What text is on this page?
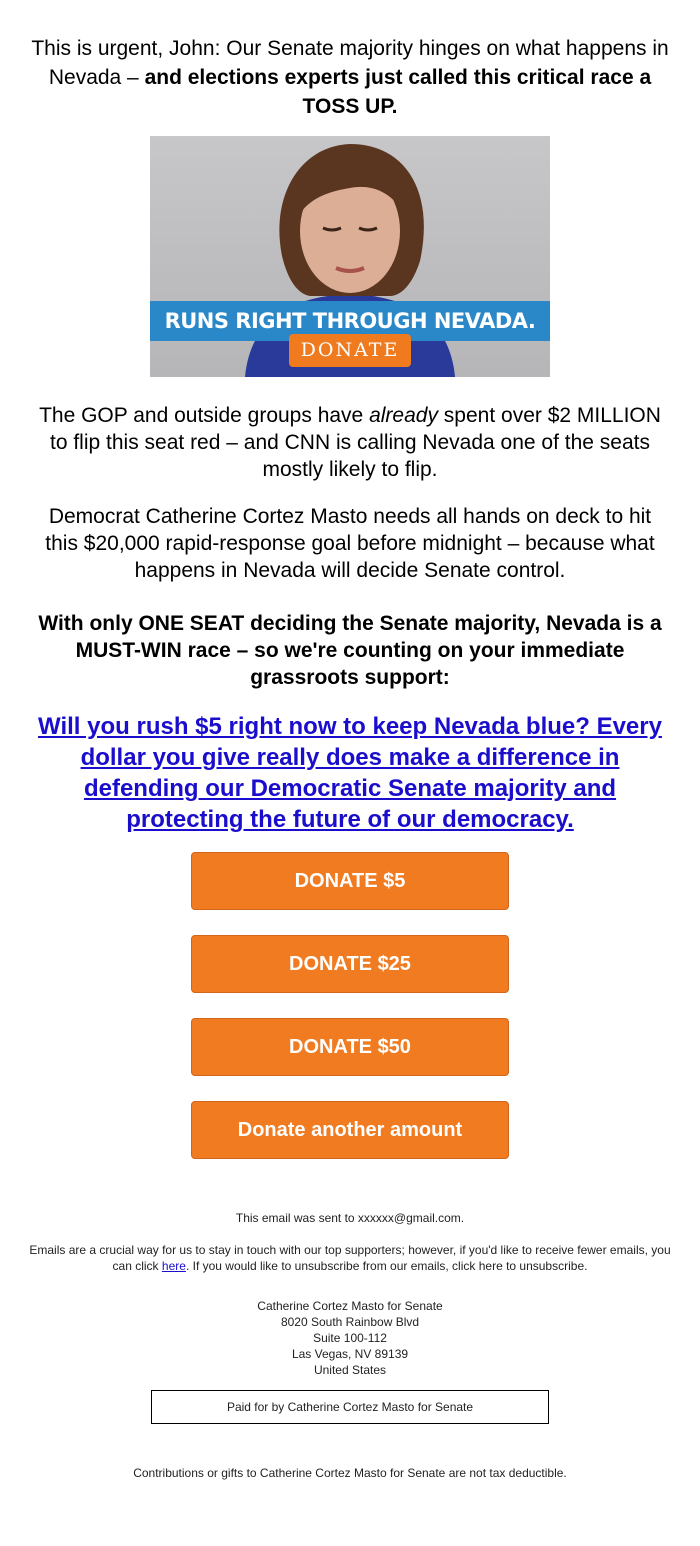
This is urgent, John: Our Senate majority hinges on what happens in Nevada – and elections experts just called this critical race a TOSS UP.
RUNS RIGHT THROUGH NEVADA.
DONATE
The GOP and outside groups have already spent over $2 MILLION to flip this seat red – and CNN is calling Nevada one of the seats mostly likely to flip.
Democrat Catherine Cortez Masto needs all hands on deck to hit this $20,000 rapid-response goal before midnight – because what happens in Nevada will decide Senate control.
With only ONE SEAT deciding the Senate majority, Nevada is a MUST-WIN race – so we're counting on your immediate grassroots support:
Will you rush $5 right now to keep Nevada blue? Every dollar you give really does make a difference in defending our Democratic Senate majority and protecting the future of our democracy.
DONATE $5
DONATE $25
DONATE $50
Donate another amount
This email was sent to xxxxxx@gmail.com.
Emails are a crucial way for us to stay in touch with our top supporters; however, if you'd like to receive fewer emails, you can click here. If you would like to unsubscribe from our emails, click here to unsubscribe.
Catherine Cortez Masto for Senate
8020 South Rainbow Blvd
Suite 100-112
Las Vegas, NV 89139
United States
Paid for by Catherine Cortez Masto for Senate
Contributions or gifts to Catherine Cortez Masto for Senate are not tax deductible.
